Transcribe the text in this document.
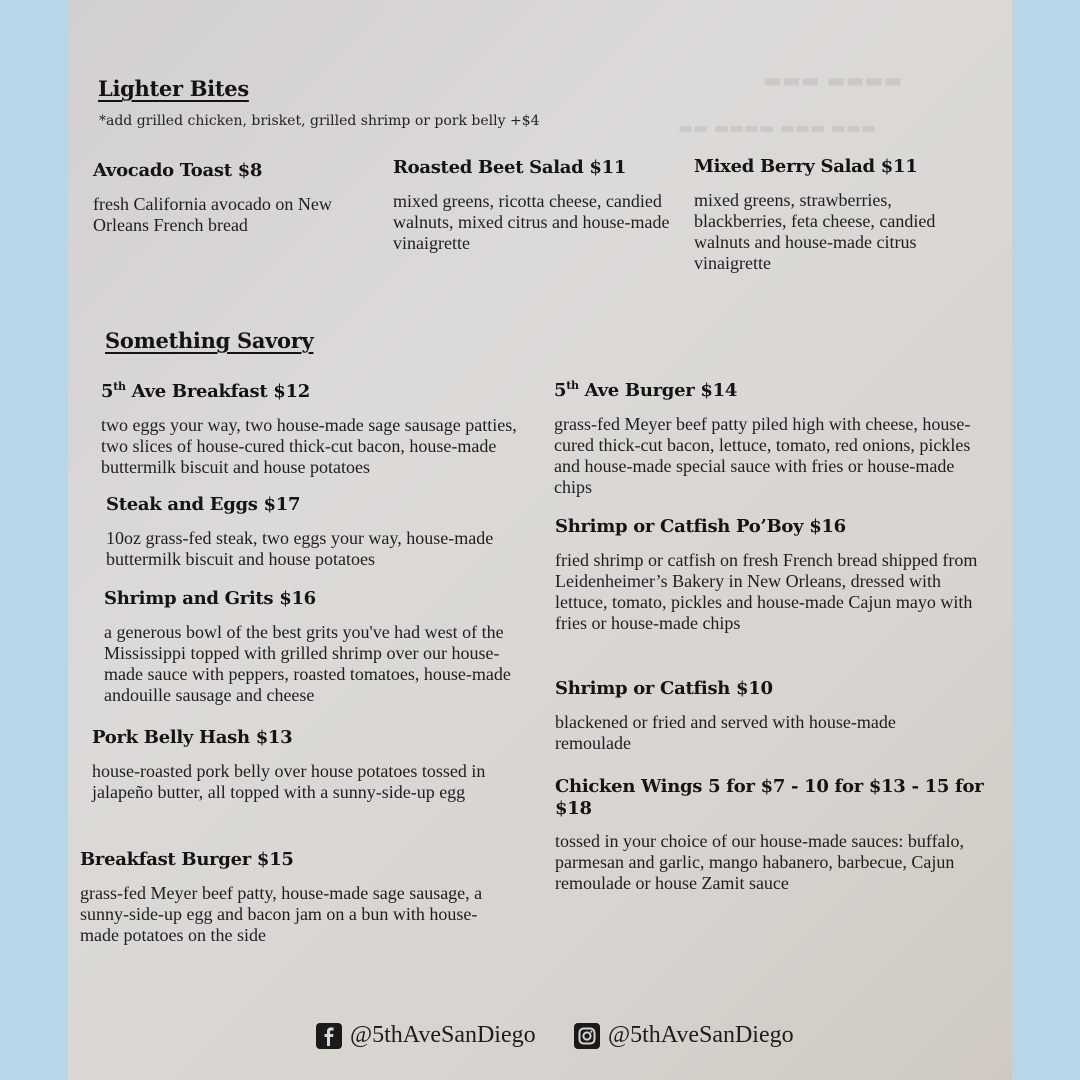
▬▬▬▬ ▬▬▬
▬▬▬ ▬▬▬ ▬▬▬▬ ▬▬
Lighter Bites

*add grilled chicken, brisket, grilled shrimp or pork belly +$4

Avocado Toast $8

fresh California avocado on New Orleans French bread

Roasted Beet Salad $11

mixed greens, ricotta cheese, candied walnuts, mixed citrus and house-made vinaigrette

Mixed Berry Salad $11

mixed greens, strawberries, blackberries, feta cheese, candied walnuts and house-made citrus vinaigrette

Something Savory

5th Ave Breakfast $12

two eggs your way, two house-made sage sausage patties, two slices of house-cured thick-cut bacon, house-made buttermilk biscuit and house potatoes

Steak and Eggs $17

10oz grass-fed steak, two eggs your way, house-made buttermilk biscuit and house potatoes

Shrimp and Grits $16

a generous bowl of the best grits you've had west of the Mississippi topped with grilled shrimp over our house-made sauce with peppers, roasted tomatoes, house-made andouille sausage and cheese

Pork Belly Hash $13

house-roasted pork belly over house potatoes tossed in jalapeño butter, all topped with a sunny-side-up egg

Breakfast Burger $15

grass-fed Meyer beef patty, house-made sage sausage, a sunny-side-up egg and bacon jam on a bun with house-made potatoes on the side

5th Ave Burger $14

grass-fed Meyer beef patty piled high with cheese, house-cured thick-cut bacon, lettuce, tomato, red onions, pickles and house-made special sauce with fries or house-made chips

Shrimp or Catfish Po’Boy $16

fried shrimp or catfish on fresh French bread shipped from Leidenheimer’s Bakery in New Orleans, dressed with lettuce, tomato, pickles and house-made Cajun mayo with fries or house-made chips

Shrimp or Catfish $10

blackened or fried and served with house-made remoulade

Chicken Wings 5 for $7 - 10 for $13 - 15 for $18

tossed in your choice of our house-made sauces: buffalo, parmesan and garlic, mango habanero, barbecue, Cajun remoulade or house Zamit sauce

@5thAveSanDiego	@5thAveSanDiego
